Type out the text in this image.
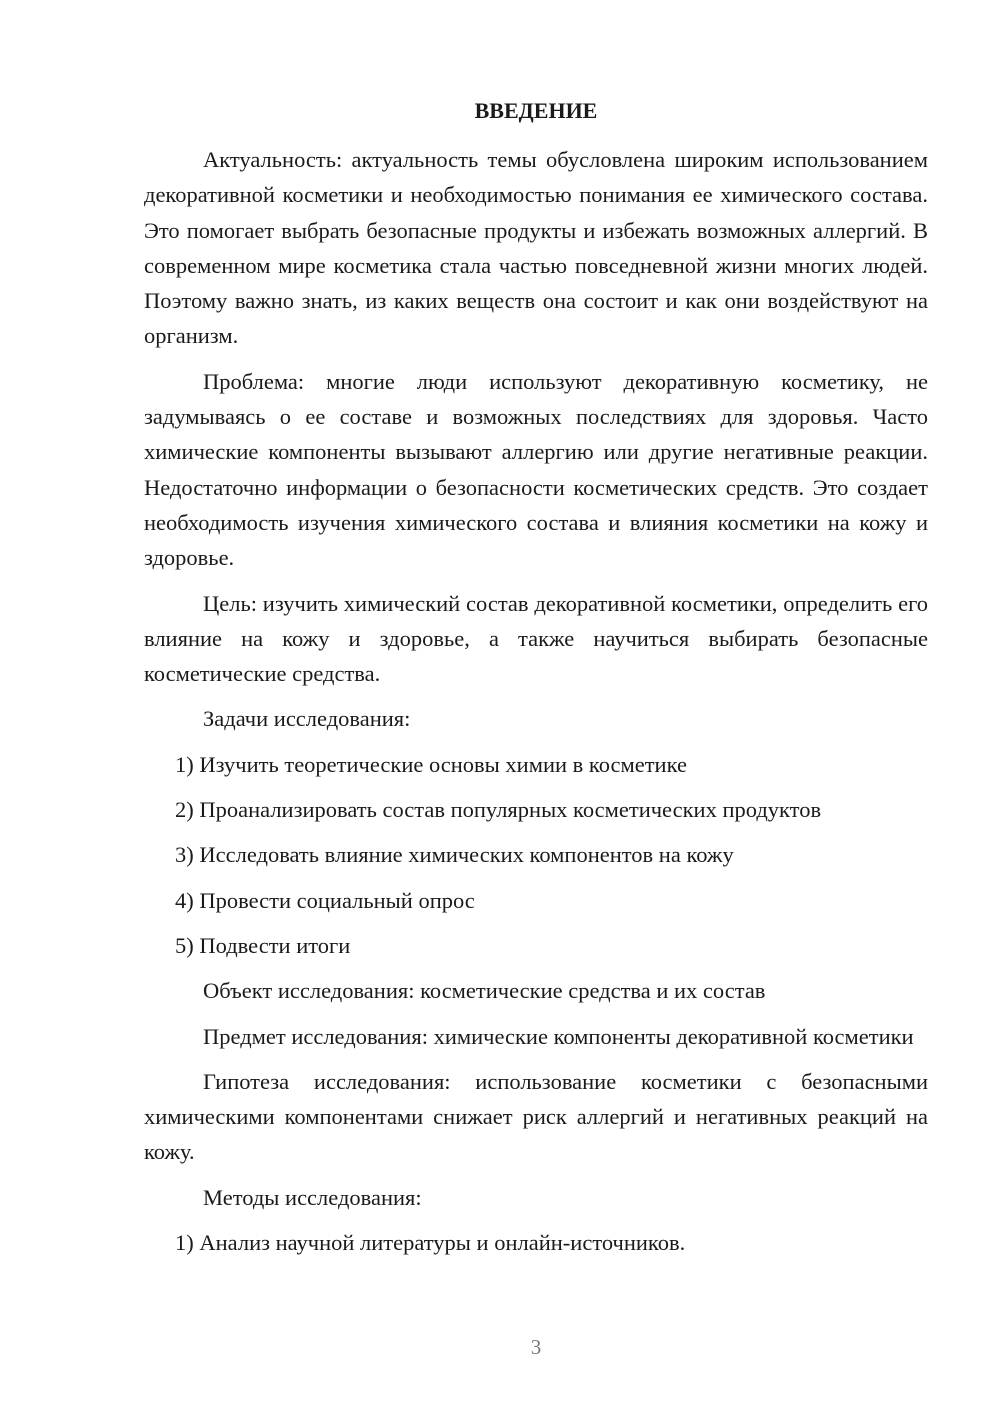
ВВЕДЕНИЕ

Актуальность: актуальность темы обусловлена широким использованием декоративной косметики и необходимостью понимания ее химического состава. Это помогает выбрать безопасные продукты и избежать возможных аллергий. В современном мире косметика стала частью повседневной жизни многих людей. Поэтому важно знать, из каких веществ она состоит и как они воздействуют на организм.

Проблема: многие люди используют декоративную косметику, не задумываясь о ее составе и возможных последствиях для здоровья. Часто химические компоненты вызывают аллергию или другие негативные реакции. Недостаточно информации о безопасности косметических средств. Это создает необходимость изучения химического состава и влияния косметики на кожу и здоровье.

Цель: изучить химический состав декоративной косметики, определить его влияние на кожу и здоровье, а также научиться выбирать безопасные косметические средства.

Задачи исследования:

1) Изучить теоретические основы химии в косметике

2) Проанализировать состав популярных косметических продуктов

3) Исследовать влияние химических компонентов на кожу

4) Провести социальный опрос

5) Подвести итоги

Объект исследования: косметические средства и их состав

Предмет исследования: химические компоненты декоративной косметики

Гипотеза исследования: использование косметики с безопасными химическими компонентами снижает риск аллергий и негативных реакций на кожу.

Методы исследования:

1) Анализ научной литературы и онлайн-источников.

3
